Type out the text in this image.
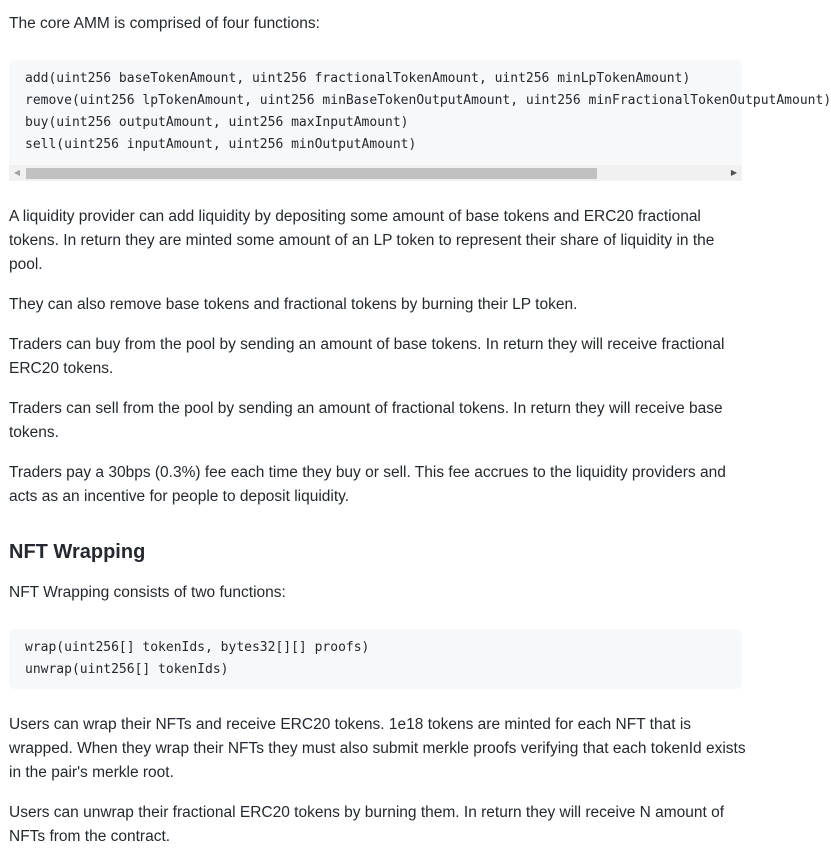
The core AMM is comprised of four functions:

add(uint256 baseTokenAmount, uint256 fractionalTokenAmount, uint256 minLpTokenAmount)
remove(uint256 lpTokenAmount, uint256 minBaseTokenOutputAmount, uint256 minFractionalTokenOutputAmount)
buy(uint256 outputAmount, uint256 maxInputAmount)
sell(uint256 inputAmount, uint256 minOutputAmount)
◀	▶

A liquidity provider can add liquidity by depositing some amount of base tokens and ERC20 fractional tokens. In return they are minted some amount of an LP token to represent their share of liquidity in the pool.

They can also remove base tokens and fractional tokens by burning their LP token.

Traders can buy from the pool by sending an amount of base tokens. In return they will receive fractional ERC20 tokens.

Traders can sell from the pool by sending an amount of fractional tokens. In return they will receive base tokens.

Traders pay a 30bps (0.3%) fee each time they buy or sell. This fee accrues to the liquidity providers and acts as an incentive for people to deposit liquidity.

NFT Wrapping

NFT Wrapping consists of two functions:

wrap(uint256[] tokenIds, bytes32[][] proofs)
unwrap(uint256[] tokenIds)

Users can wrap their NFTs and receive ERC20 tokens. 1e18 tokens are minted for each NFT that is wrapped. When they wrap their NFTs they must also submit merkle proofs verifying that each tokenId exists in the pair's merkle root.

Users can unwrap their fractional ERC20 tokens by burning them. In return they will receive N amount of NFTs from the contract.
